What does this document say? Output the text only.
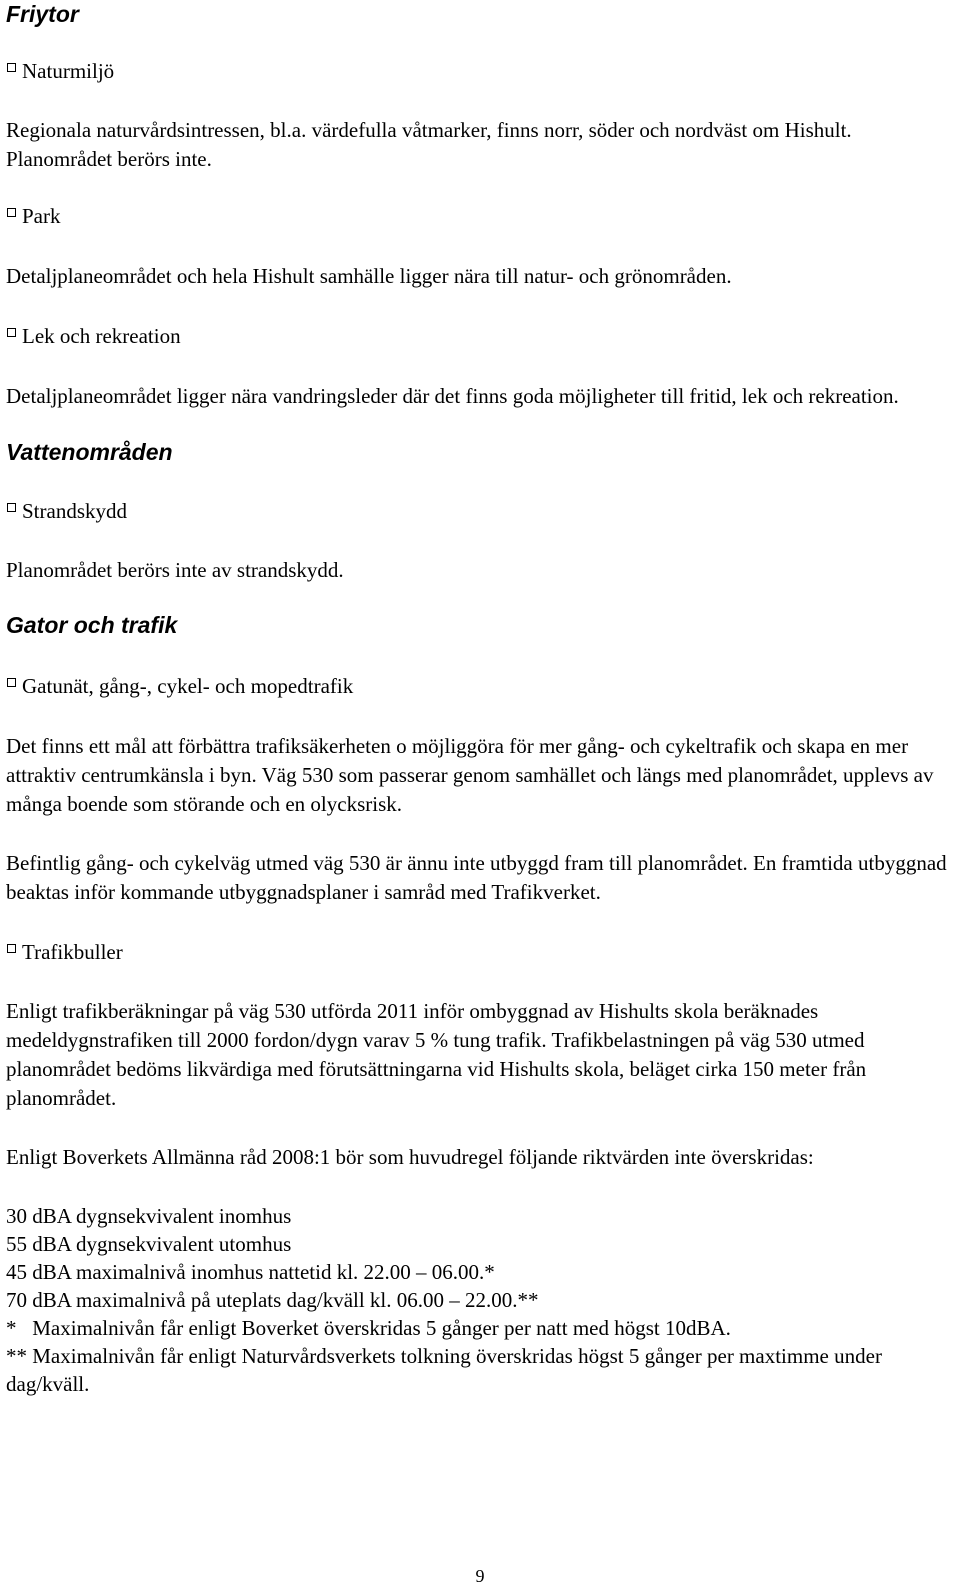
Friytor

Naturmiljö

Regionala naturvårdsintressen, bl.a. värdefulla våtmarker, finns norr, söder och nordväst om Hishult. Planområdet berörs inte.

Park

Detaljplaneområdet och hela Hishult samhälle ligger nära till natur- och grönområden.

Lek och rekreation

Detaljplaneområdet ligger nära vandringsleder där det finns goda möjligheter till fritid, lek och rekreation.

Vattenområden

Strandskydd

Planområdet berörs inte av strandskydd.

Gator och trafik

Gatunät, gång-, cykel- och mopedtrafik

Det finns ett mål att förbättra trafiksäkerheten o möjliggöra för mer gång- och cykeltrafik och skapa en mer attraktiv centrumkänsla i byn. Väg 530 som passerar genom samhället och längs med planområdet, upplevs av många boende som störande och en olycksrisk.

Befintlig gång- och cykelväg utmed väg 530 är ännu inte utbyggd fram till planområdet. En framtida utbyggnad beaktas inför kommande utbyggnadsplaner i samråd med Trafikverket.

Trafikbuller

Enligt trafikberäkningar på väg 530 utförda 2011 inför ombyggnad av Hishults skola beräknades medeldygnstrafiken till 2000 fordon/dygn varav 5 % tung trafik. Trafikbelastningen på väg 530 utmed planområdet bedöms likvärdiga med förutsättningarna vid Hishults skola, beläget cirka 150 meter från planområdet.

Enligt Boverkets Allmänna råd 2008:1 bör som huvudregel följande riktvärden inte överskridas:

30 dBA dygnsekvivalent inomhus
55 dBA dygnsekvivalent utomhus
45 dBA maximalnivå inomhus nattetid kl. 22.00 – 06.00.*
70 dBA maximalnivå på uteplats dag/kväll kl. 06.00 – 22.00.**
*   Maximalnivån får enligt Boverket överskridas 5 gånger per natt med högst 10dBA.
** Maximalnivån får enligt Naturvårdsverkets tolkning överskridas högst 5 gånger per maxtimme under dag/kväll.
9
